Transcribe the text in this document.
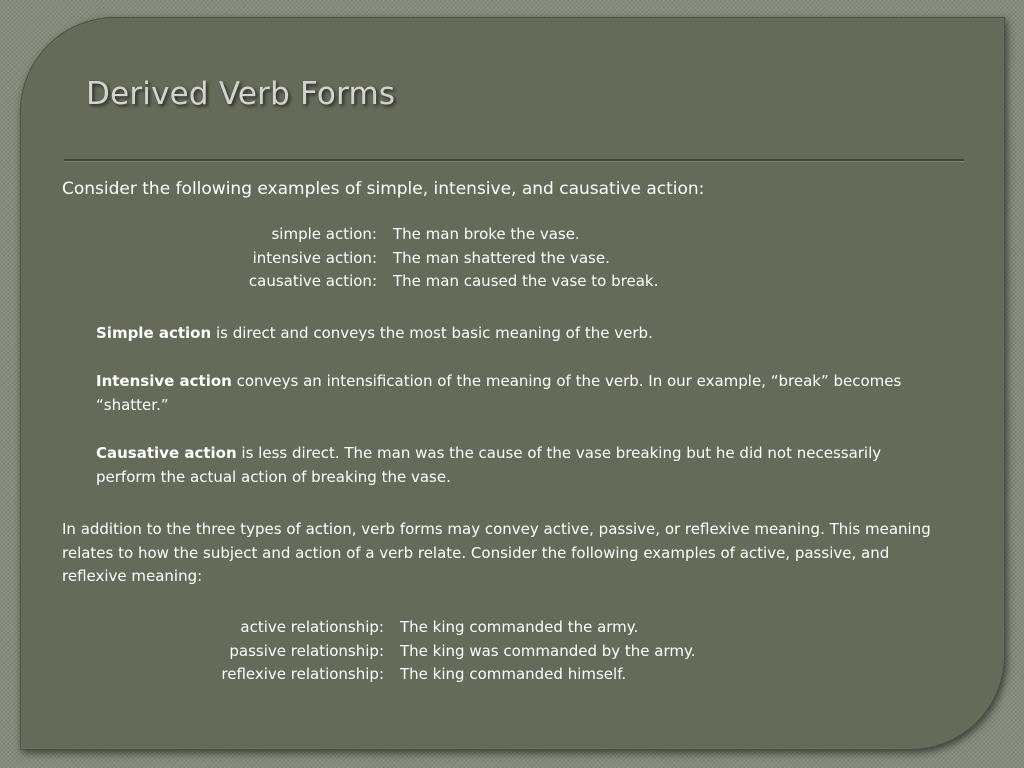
Derived Verb Forms

Consider the following examples of simple, intensive, and causative action:

simple action:	The man broke the vase.
intensive action:	The man shattered the vase.
causative action:	The man caused the vase to break.

Simple action is direct and conveys the most basic meaning of the verb.

Intensive action conveys an intensification of the meaning of the verb. In our example, “break” becomes “shatter.”

Causative action is less direct. The man was the cause of the vase breaking but he did not necessarily perform the actual action of breaking the vase.

In addition to the three types of action, verb forms may convey active, passive, or reflexive meaning. This meaning relates to how the subject and action of a verb relate. Consider the following examples of active, passive, and reflexive meaning:

active relationship:	The king commanded the army.
passive relationship:	The king was commanded by the army.
reflexive relationship:	The king commanded himself.
